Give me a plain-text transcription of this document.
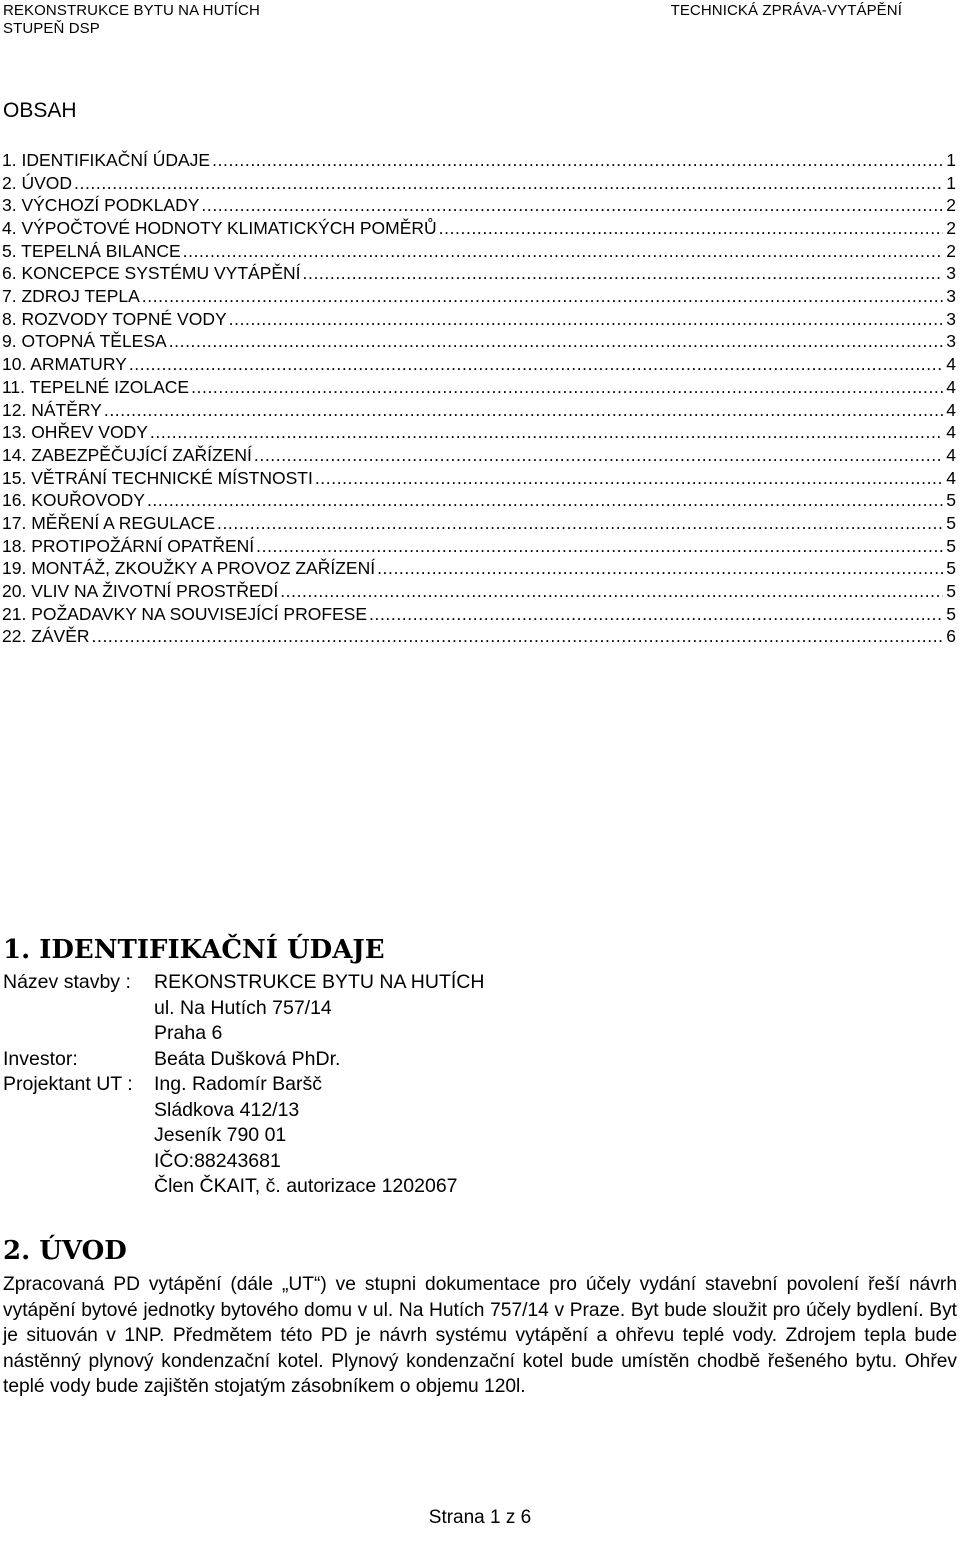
REKONSTRUKCE BYTU NA HUTÍCH
STUPEŇ DSP
TECHNICKÁ ZPRÁVA-VYTÁPĚNÍ
OBSAH
1. IDENTIFIKAČNÍ ÚDAJE .....	1
2. ÚVOD .....	1
3. VÝCHOZÍ PODKLADY .....	2
4. VÝPOČTOVÉ HODNOTY KLIMATICKÝCH POMĚRŮ .....	2
5. TEPELNÁ BILANCE .....	2
6. KONCEPCE SYSTÉMU VYTÁPĚNÍ .....	3
7. ZDROJ TEPLA .....	3
8. ROZVODY TOPNÉ VODY .....	3
9. OTOPNÁ TĚLESA .....	3
10. ARMATURY .....	4
11. TEPELNÉ IZOLACE .....	4
12. NÁTĚRY .....	4
13. OHŘEV VODY .....	4
14. ZABEZPĚČUJÍCÍ ZAŘÍZENÍ .....	4
15. VĚTRÁNÍ TECHNICKÉ MÍSTNOSTI .....	4
16. KOUŘOVODY .....	5
17. MĚŘENÍ A REGULACE .....	5
18. PROTIPOŽÁRNÍ OPATŘENÍ .....	5
19. MONTÁŽ, ZKOUŽKY A PROVOZ ZAŘÍZENÍ .....	5
20. VLIV NA ŽIVOTNÍ PROSTŘEDÍ .....	5
21. POŽADAVKY NA SOUVISEJÍCÍ PROFESE .....	5
22. ZÁVĚR .....	6
1. IDENTIFIKAČNÍ ÚDAJE
Název stavby : REKONSTRUKCE BYTU NA HUTÍCH
ul. Na Hutích 757/14
Praha 6
Investor:	Beáta Dušková PhDr.
Projektant UT : Ing. Radomír Baršč
Sládkova 412/13
Jeseník 790 01
IČO:88243681
Člen ČKAIT, č. autorizace 1202067
2. ÚVOD

Zpracovaná PD vytápění (dále „UT“) ve stupni dokumentace pro účely vydání stavební povolení řeší návrh vytápění bytové jednotky bytového domu v ul. Na Hutích 757/14 v Praze. Byt bude sloužit pro účely bydlení. Byt je situován v 1NP. Předmětem této PD je návrh systému vytápění a ohřevu teplé vody. Zdrojem tepla bude nástěnný plynový kondenzační kotel. Plynový kondenzační kotel bude umístěn chodbě řešeného bytu. Ohřev teplé vody bude zajištěn stojatým zásobníkem o objemu 120l.

Strana 1 z 6
